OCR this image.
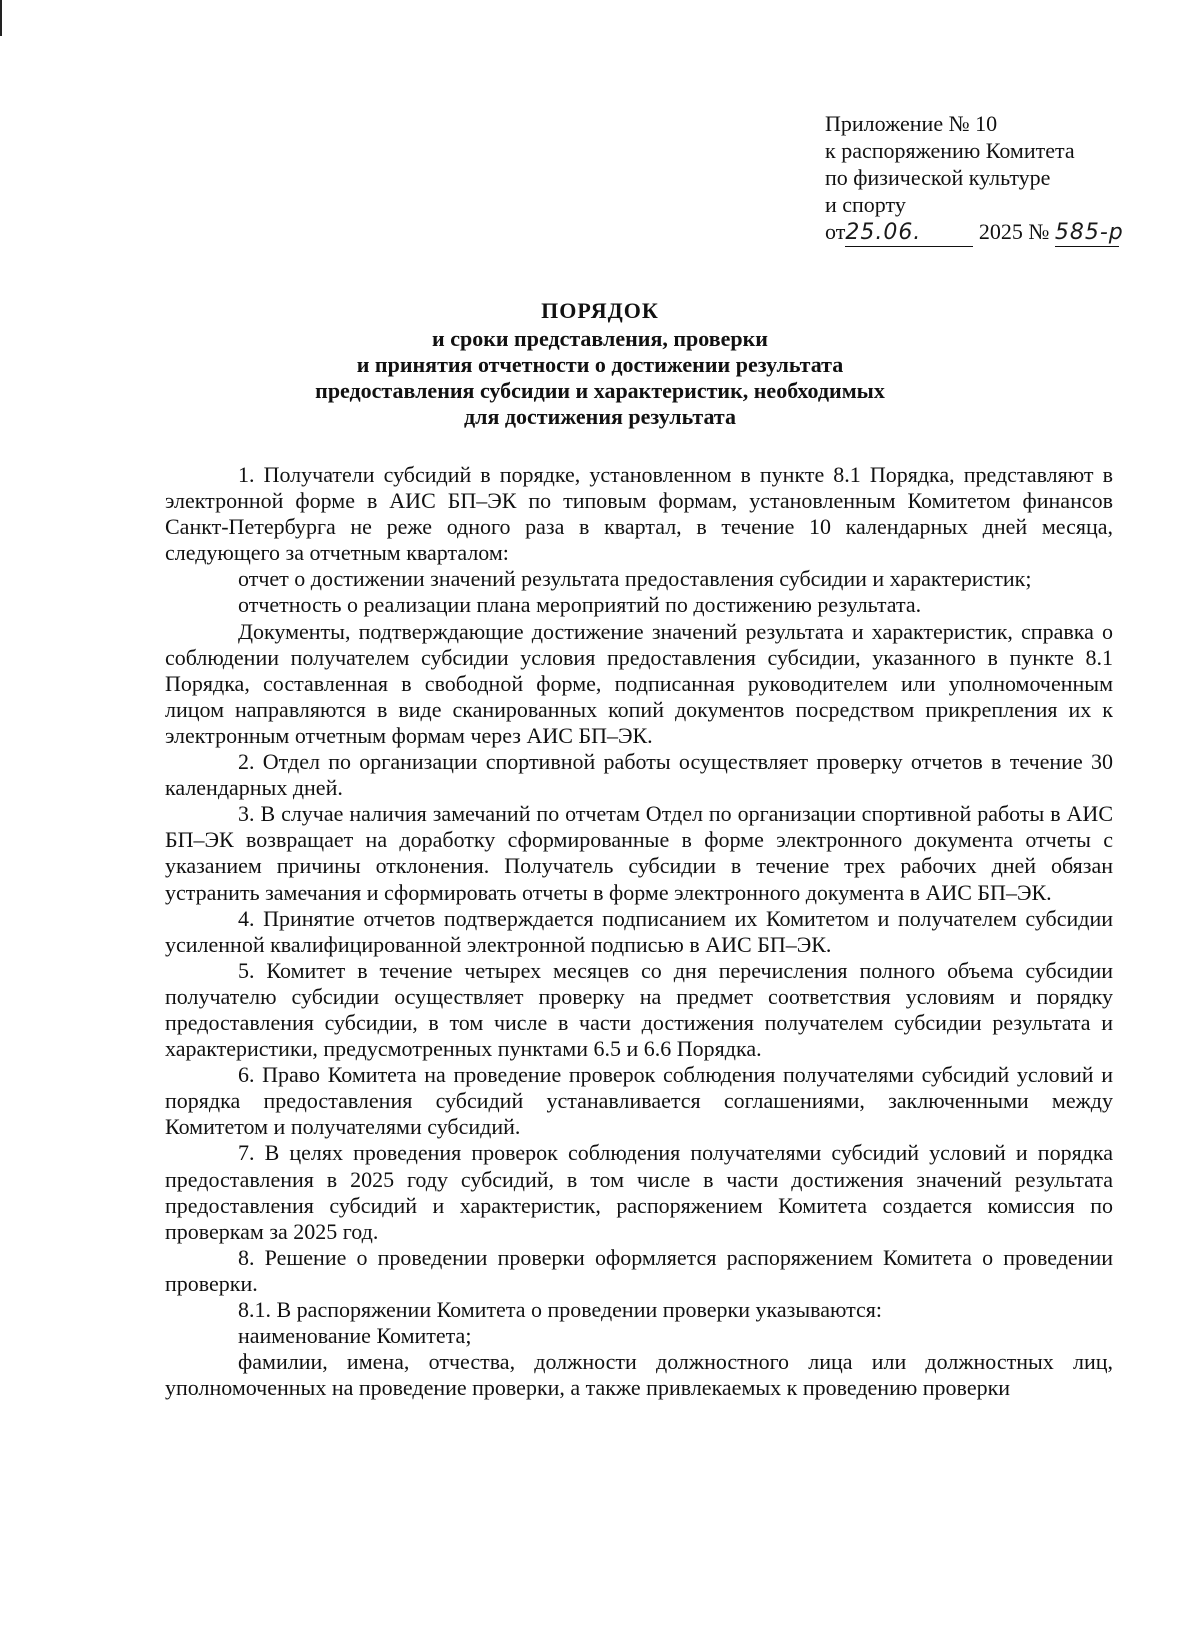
Приложение № 10
к распоряжению Комитета
по физической культуре
и спорту
от25.06.	2025 № 585-р
ПОРЯДОК
и сроки представления, проверки
и принятия отчетности о достижении результата
предоставления субсидии и характеристик, необходимых
для достижения результата

1. Получатели субсидий в порядке, установленном в пункте 8.1 Порядка, представляют в электронной форме в АИС БП–ЭК по типовым формам, установленным Комитетом финансов Санкт-Петербурга не реже одного раза в квартал, в течение 10 календарных дней месяца, следующего за отчетным кварталом:

отчет о достижении значений результата предоставления субсидии и характеристик;

отчетность о реализации плана мероприятий по достижению результата.

Документы, подтверждающие достижение значений результата и характеристик, справка о соблюдении получателем субсидии условия предоставления субсидии, указанного в пункте 8.1 Порядка, составленная в свободной форме, подписанная руководителем или уполномоченным лицом направляются в виде сканированных копий документов посредством прикрепления их к электронным отчетным формам через АИС БП–ЭК.

2. Отдел по организации спортивной работы осуществляет проверку отчетов в течение 30 календарных дней.

3. В случае наличия замечаний по отчетам Отдел по организации спортивной работы в АИС БП–ЭК возвращает на доработку сформированные в форме электронного документа отчеты с указанием причины отклонения. Получатель субсидии в течение трех рабочих дней обязан устранить замечания и сформировать отчеты в форме электронного документа в АИС БП–ЭК.

4. Принятие отчетов подтверждается подписанием их Комитетом и получателем субсидии усиленной квалифицированной электронной подписью в АИС БП–ЭК.

5. Комитет в течение четырех месяцев со дня перечисления полного объема субсидии получателю субсидии осуществляет проверку на предмет соответствия условиям и порядку предоставления субсидии, в том числе в части достижения получателем субсидии результата и характеристики, предусмотренных пунктами 6.5 и 6.6 Порядка.

6. Право Комитета на проведение проверок соблюдения получателями субсидий условий и порядка предоставления субсидий устанавливается соглашениями, заключенными между Комитетом и получателями субсидий.

7. В целях проведения проверок соблюдения получателями субсидий условий и порядка предоставления в 2025 году субсидий, в том числе в части достижения значений результата предоставления субсидий и характеристик, распоряжением Комитета создается комиссия по проверкам за 2025 год.

8. Решение о проведении проверки оформляется распоряжением Комитета о проведении проверки.

8.1. В распоряжении Комитета о проведении проверки указываются:

наименование Комитета;

фамилии, имена, отчества, должности должностного лица или должностных лиц, уполномоченных на проведение проверки, а также привлекаемых к проведению проверки
